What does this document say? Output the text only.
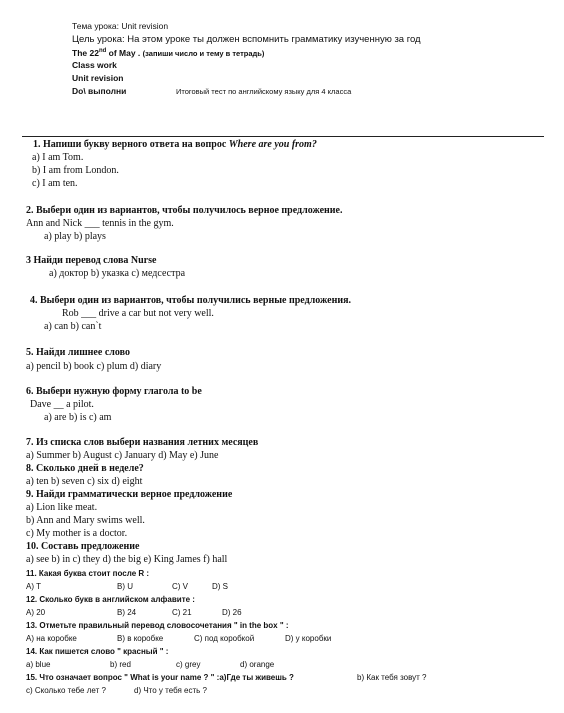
Тема урока: Unit revision
Цель урока: На этом уроке ты должен вспомнить грамматику изученную за год
The 22nd of May . (запиши число и тему в тетрадь)
Class work
Unit revision
Do\ выполни	Итоговый тест по английскому языку для 4 класса
1. Напиши букву верного ответа на вопрос Where are you from?
a) I am Tom.
b) I am from London.
c) I am ten.
2. Выбери один из вариантов, чтобы получилось верное предложение.
Ann and Nick ___ tennis in the gym.
a) play b) plays
3 Найди перевод слова Nurse
а) доктор b) указка c) медсестра
4. Выбери один из вариантов, чтобы получились верные предложения.
Rob ___ drive a car but not very well.
a) can b) can`t
5. Найди лишнее слово
a) pencil b) book c) plum d) diary
6. Выбери нужную форму глагола to be
Dave __ a pilot.
a) are b) is c) am
7. Из списка слов выбери названия летних месяцев
a) Summer b) August c) January d) May e) June
8. Сколько дней в неделе?
a) ten b) seven c) six d) eight
9. Найди грамматически верное предложение
a) Lion like meat.
b) Ann and Mary swims well.
c) My mother is a doctor.
10. Составь предложение
a) see b) in c) they d) the big e) King James f) hall
11. Какая буква стоит после R :
A) T	B) U	C) V	D) S
12. Сколько букв в английском алфавите :
A) 20	B) 24	C) 21	D) 26
13. Отметьте правильный перевод словосочетания " in the box " :
A) на коробке	B) в коробке	C) под коробкой	D) у коробки
14. Как пишется слово " красный " :
a) blue	b) red	c) grey	d) orange
15. Что означает вопрос " What is your name ? " :a)Где ты живешь ?	b) Как тебя зовут ?
c) Сколько тебе лет ?	d) Что у тебя есть ?
